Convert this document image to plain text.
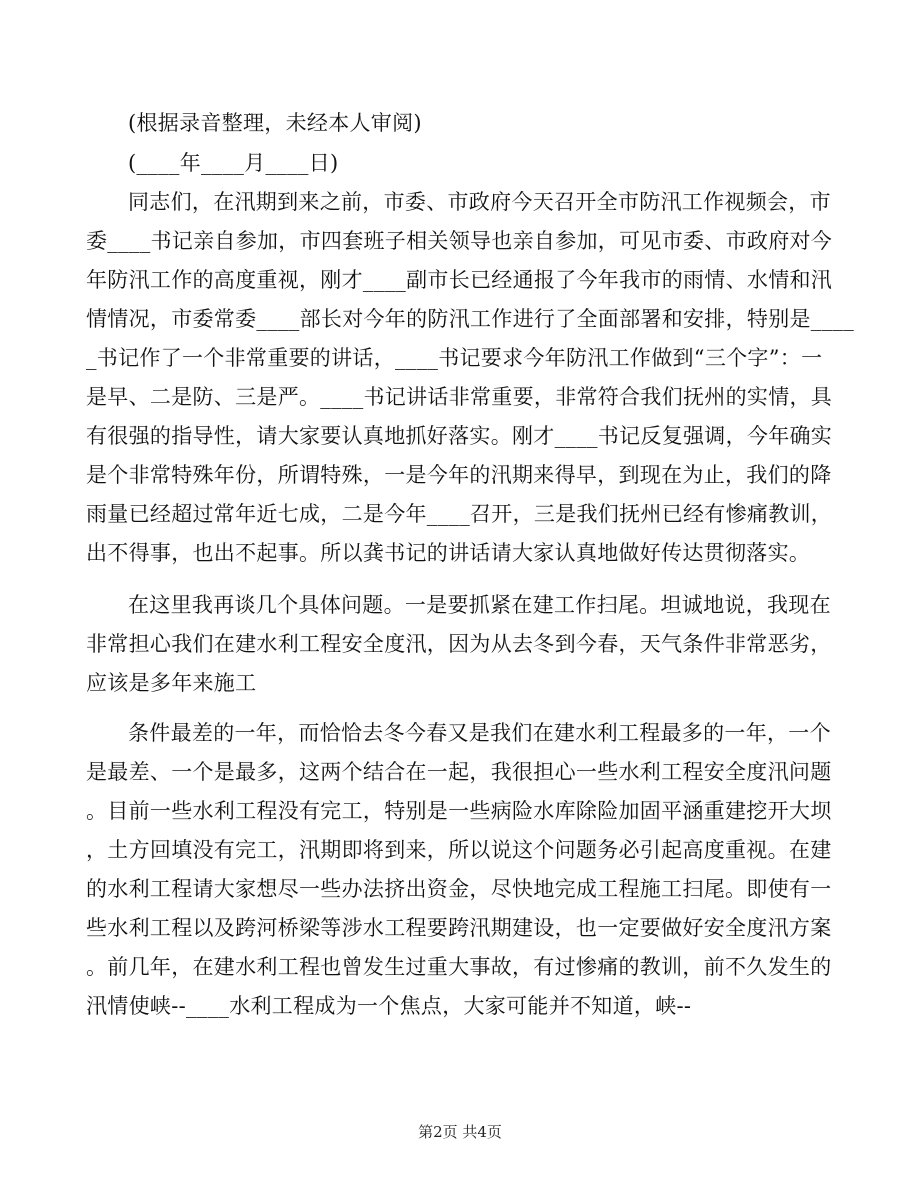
(根据录音整理，未经本人审阅)
(____年____月____日)
同志们，在汛期到来之前，市委、市政府今天召开全市防汛工作视频会，市
委____书记亲自参加，市四套班子相关领导也亲自参加，可见市委、市政府对今
年防汛工作的高度重视，刚才____副市长已经通报了今年我市的雨情、水情和汛
情情况，市委常委____部长对今年的防汛工作进行了全面部署和安排，特别是____
_书记作了一个非常重要的讲话，____书记要求今年防汛工作做到“三个字”：一
是早、二是防、三是严。____书记讲话非常重要，非常符合我们抚州的实情，具
有很强的指导性，请大家要认真地抓好落实。刚才____书记反复强调，今年确实
是个非常特殊年份，所谓特殊，一是今年的汛期来得早，到现在为止，我们的降
雨量已经超过常年近七成，二是今年____召开，三是我们抚州已经有惨痛教训，
出不得事，也出不起事。所以龚书记的讲话请大家认真地做好传达贯彻落实。
在这里我再谈几个具体问题。一是要抓紧在建工作扫尾。坦诚地说，我现在
非常担心我们在建水利工程安全度汛，因为从去冬到今春，天气条件非常恶劣，
应该是多年来施工
条件最差的一年，而恰恰去冬今春又是我们在建水利工程最多的一年，一个
是最差、一个是最多，这两个结合在一起，我很担心一些水利工程安全度汛问题
。目前一些水利工程没有完工，特别是一些病险水库除险加固平涵重建挖开大坝
，土方回填没有完工，汛期即将到来，所以说这个问题务必引起高度重视。在建
的水利工程请大家想尽一些办法挤出资金，尽快地完成工程施工扫尾。即使有一
些水利工程以及跨河桥梁等涉水工程要跨汛期建设，也一定要做好安全度汛方案
。前几年，在建水利工程也曾发生过重大事故，有过惨痛的教训，前不久发生的
汛情使峡--____水利工程成为一个焦点，大家可能并不知道，峡--
第2页 共4页
